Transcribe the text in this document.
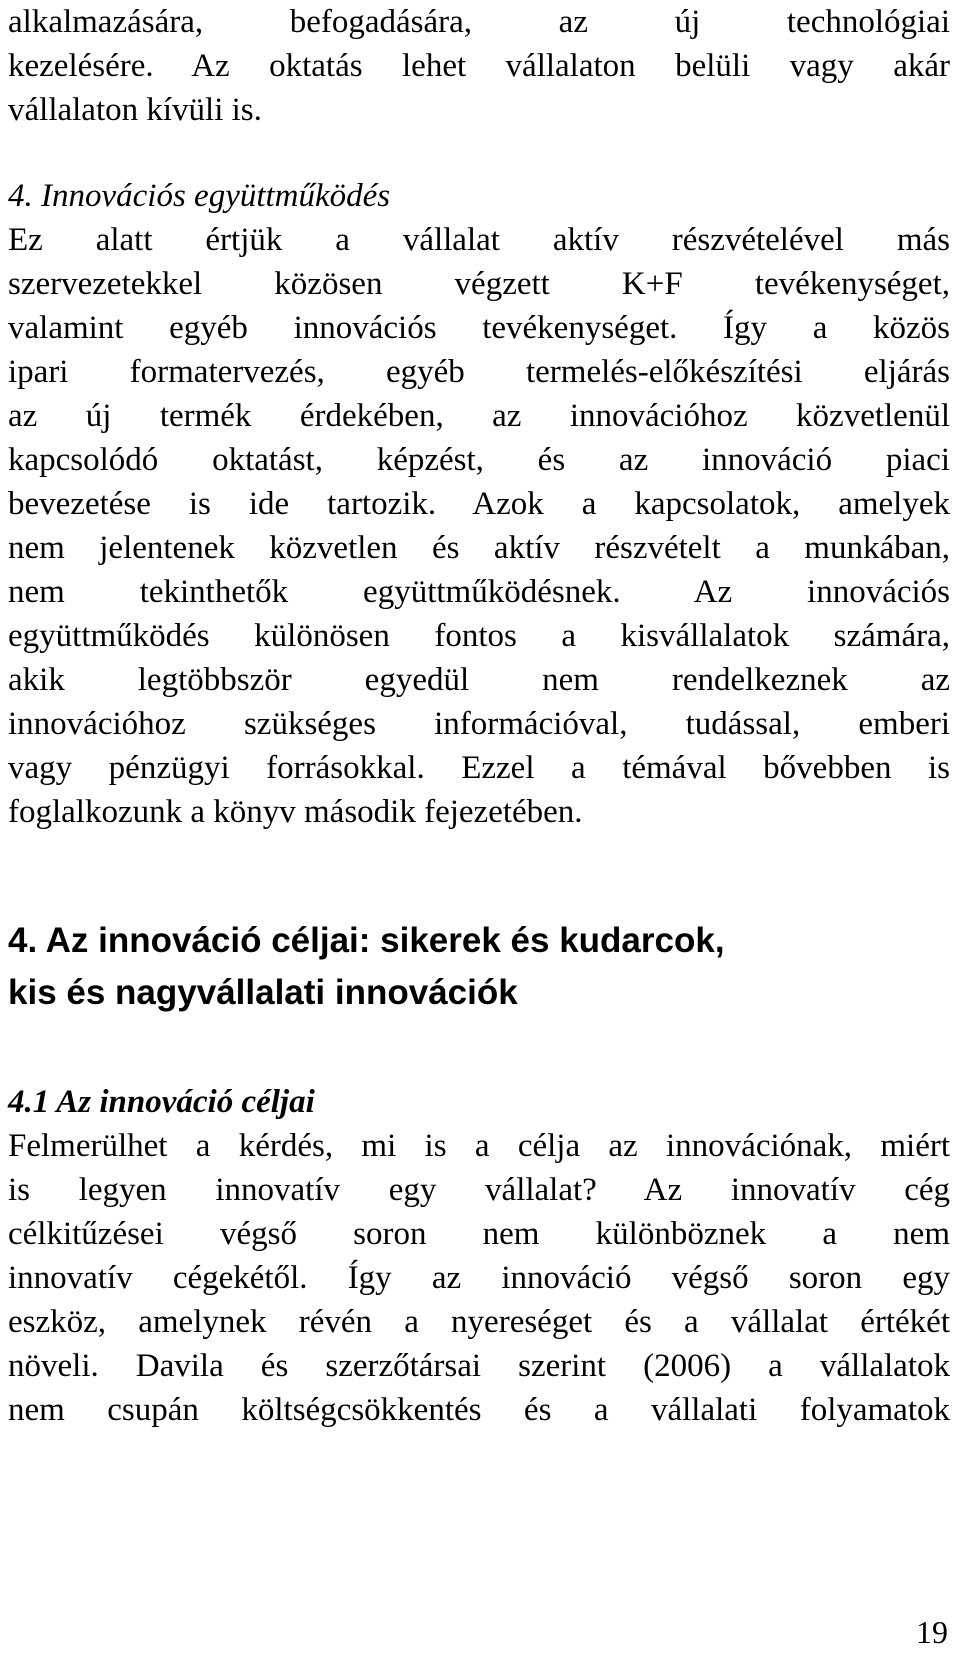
alkalmazására, befogadására, az új technológiai
kezelésére. Az oktatás lehet vállalaton belüli vagy akár
vállalaton kívüli is.
4. Innovációs együttműködés
Ez alatt értjük a vállalat aktív részvételével más
szervezetekkel közösen végzett K+F tevékenységet,
valamint egyéb innovációs tevékenységet. Így a közös
ipari formatervezés, egyéb termelés-előkészítési eljárás
az új termék érdekében, az innovációhoz közvetlenül
kapcsolódó oktatást, képzést, és az innováció piaci
bevezetése is ide tartozik. Azok a kapcsolatok, amelyek
nem jelentenek közvetlen és aktív részvételt a munkában,
nem tekinthetők együttműködésnek. Az innovációs
együttműködés különösen fontos a kisvállalatok számára,
akik legtöbbször egyedül nem rendelkeznek az
innovációhoz szükséges információval, tudással, emberi
vagy pénzügyi forrásokkal. Ezzel a témával bővebben is
foglalkozunk a könyv második fejezetében.
4. Az innováció céljai: sikerek és kudarcok,
kis és nagyvállalati innovációk
4.1 Az innováció céljai
Felmerülhet a kérdés, mi is a célja az innovációnak, miért
is legyen innovatív egy vállalat? Az innovatív cég
célkitűzései végső soron nem különböznek a nem
innovatív cégekétől. Így az innováció végső soron egy
eszköz, amelynek révén a nyereséget és a vállalat értékét
növeli. Davila és szerzőtársai szerint (2006) a vállalatok
nem csupán költségcsökkentés és a vállalati folyamatok
19
